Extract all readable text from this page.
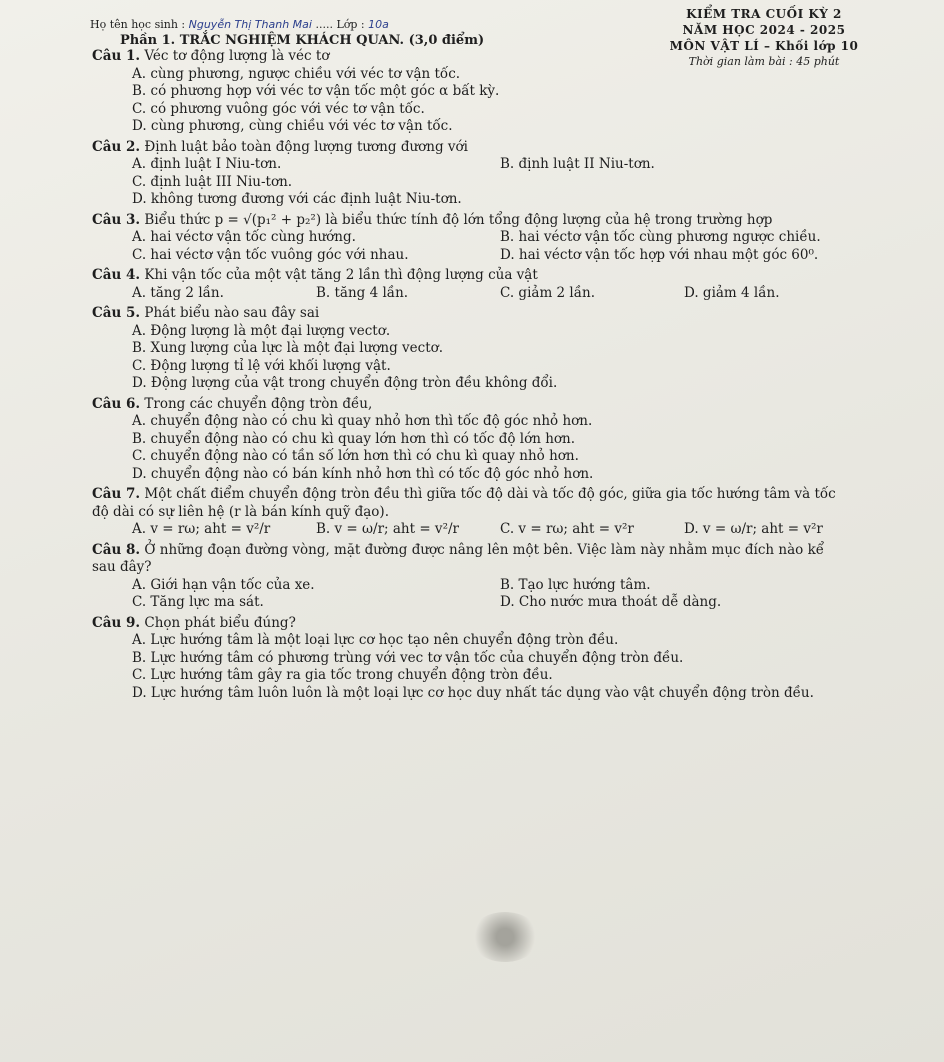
KIỂM TRA CUỐI KỲ 2
NĂM HỌC 2024 - 2025
MÔN VẬT LÍ – Khối lớp 10
Thời gian làm bài : 45 phút
Họ tên học sinh : Nguyễn Thị Thanh Mai ..... Lớp : 10a
Phần 1. TRẮC NGHIỆM KHÁCH QUAN. (3,0 điểm)
Câu 1. Véc tơ động lượng là véc tơ
A. cùng phương, ngược chiều với véc tơ vận tốc.
B. có phương hợp với véc tơ vận tốc một góc α bất kỳ.
C. có phương vuông góc với véc tơ vận tốc.
D. cùng phương, cùng chiều với véc tơ vận tốc.
Câu 2. Định luật bảo toàn động lượng tương đương với
A. định luật I Niu-tơn.	B. định luật II Niu-tơn.
C. định luật III Niu-tơn.
D. không tương đương với các định luật Niu-tơn.
Câu 3. Biểu thức p = √(p₁² + p₂²) là biểu thức tính độ lớn tổng động lượng của hệ trong trường hợp
A. hai véctơ vận tốc cùng hướng.	B. hai véctơ vận tốc cùng phương ngược chiều.
C. hai véctơ vận tốc vuông góc với nhau.	D. hai véctơ vận tốc hợp với nhau một góc 60⁰.
Câu 4. Khi vận tốc của một vật tăng 2 lần thì động lượng của vật
A. tăng 2 lần.	B. tăng 4 lần.	C. giảm 2 lần.	D. giảm 4 lần.
Câu 5. Phát biểu nào sau đây sai
A. Động lượng là một đại lượng vectơ.
B. Xung lượng của lực là một đại lượng vectơ.
C. Động lượng tỉ lệ với khối lượng vật.
D. Động lượng của vật trong chuyển động tròn đều không đổi.
Câu 6. Trong các chuyển động tròn đều,
A. chuyển động nào có chu kì quay nhỏ hơn thì tốc độ góc nhỏ hơn.
B. chuyển động nào có chu kì quay lớn hơn thì có tốc độ lớn hơn.
C. chuyển động nào có tần số lớn hơn thì có chu kì quay nhỏ hơn.
D. chuyển động nào có bán kính nhỏ hơn thì có tốc độ góc nhỏ hơn.
Câu 7. Một chất điểm chuyển động tròn đều thì giữa tốc độ dài và tốc độ góc, giữa gia tốc hướng tâm và tốc độ dài có sự liên hệ (r là bán kính quỹ đạo).
A. v = rω; aht = v²/r	B. v = ω/r; aht = v²/r	C. v = rω; aht = v²r	D. v = ω/r; aht = v²r
Câu 8. Ở những đoạn đường vòng, mặt đường được nâng lên một bên. Việc làm này nhằm mục đích nào kể sau đây?
A. Giới hạn vận tốc của xe.	B. Tạo lực hướng tâm.
C. Tăng lực ma sát.	D. Cho nước mưa thoát dễ dàng.
Câu 9. Chọn phát biểu đúng?
A. Lực hướng tâm là một loại lực cơ học tạo nên chuyển động tròn đều.
B. Lực hướng tâm có phương trùng với vec tơ vận tốc của chuyển động tròn đều.
C. Lực hướng tâm gây ra gia tốc trong chuyển động tròn đều.
D. Lực hướng tâm luôn luôn là một loại lực cơ học duy nhất tác dụng vào vật chuyển động tròn đều.
